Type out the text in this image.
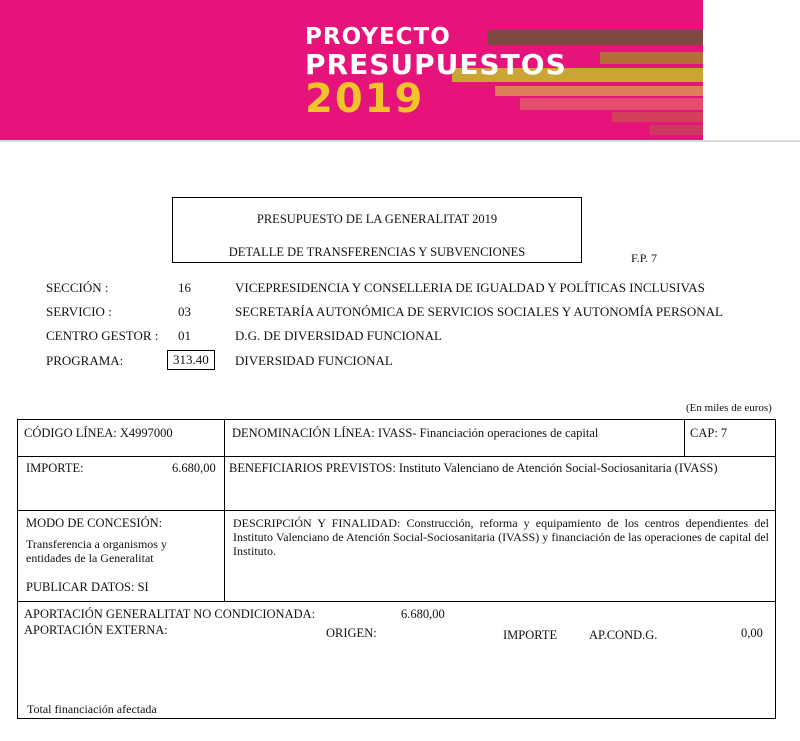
PROYECTO
PRESUPUESTOS
2019
PRESUPUESTO DE LA GENERALITAT 2019
DETALLE DE TRANSFERENCIAS Y SUBVENCIONES	F.P. 7
SECCIÓN :	16	VICEPRESIDENCIA Y CONSELLERIA DE IGUALDAD Y POLÍTICAS INCLUSIVAS
SERVICIO :	03	SECRETARÍA AUTONÓMICA DE SERVICIOS SOCIALES Y AUTONOMÍA PERSONAL
CENTRO GESTOR : 01	D.G. DE DIVERSIDAD FUNCIONAL
PROGRAMA:	313.40	DIVERSIDAD FUNCIONAL
(En miles de euros)
CÓDIGO LÍNEA: X4997000	DENOMINACIÓN LÍNEA: IVASS- Financiación operaciones de capital	CAP: 7
IMPORTE:	6.680,00 BENEFICIARIOS PREVISTOS: Instituto Valenciano de Atención Social-Sociosanitaria (IVASS)
MODO DE CONCESIÓN:
Transferencia a organismos y
entidades de la Generalitat
PUBLICAR DATOS: SI
DESCRIPCIÓN Y FINALIDAD: Construcción, reforma y equipamiento de los centros dependientes del Instituto Valenciano de Atención Social-Sociosanitaria (IVASS) y financiación de las operaciones de capital del Instituto.
APORTACIÓN GENERALITAT NO CONDICIONADA:	6.680,00
APORTACIÓN EXTERNA:	ORIGEN:	IMPORTE	AP.COND.G.	0,00
Total financiación afectada
